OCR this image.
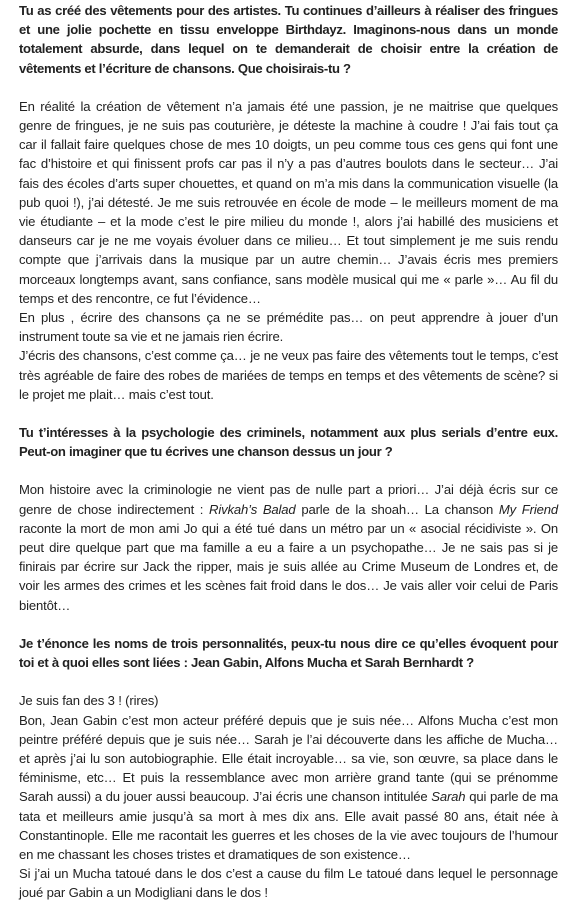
Tu as créé des vêtements pour des artistes. Tu continues d’ailleurs à réaliser des fringues et une jolie pochette en tissu enveloppe Birthdayz. Imaginons-nous dans un monde totalement absurde, dans lequel on te demanderait de choisir entre la création de vêtements et l’écriture de chansons. Que choisirais-tu ?

En réalité la création de vêtement n’a jamais été une passion, je ne maitrise que quelques genre de fringues, je ne suis pas couturière, je déteste la machine à coudre ! J’ai fais tout ça car il fallait faire quelques chose de mes 10 doigts, un peu comme tous ces gens qui font une fac d’histoire et qui finissent profs car pas il n’y a pas d’autres boulots dans le secteur… J’ai fais des écoles d’arts super chouettes, et quand on m’a mis dans la communication visuelle (la pub quoi !), j’ai détesté. Je me suis retrouvée en école de mode – le meilleurs moment de ma vie étudiante – et la mode c’est le pire milieu du monde !, alors j’ai habillé des musiciens et danseurs car je ne me voyais évoluer dans ce milieu… Et tout simplement je me suis rendu compte que j’arrivais dans la musique par un autre chemin… J’avais écris mes premiers morceaux longtemps avant, sans confiance, sans modèle musical qui me « parle »… Au fil du temps et des rencontre, ce fut l’évidence…

En plus , écrire des chansons ça ne se prémédite pas… on peut apprendre à jouer d’un instrument toute sa vie et ne jamais rien écrire.

J’écris des chansons, c’est comme ça… je ne veux pas faire des vêtements tout le temps, c’est très agréable de faire des robes de mariées de temps en temps et des vêtements de scène? si le projet me plait… mais c’est tout.

Tu t’intéresses à la psychologie des criminels, notamment aux plus serials d’entre eux. Peut-on imaginer que tu écrives une chanson dessus un jour ?

Mon histoire avec la criminologie ne vient pas de nulle part a priori… J’ai déjà écris sur ce genre de chose indirectement : Rivkah’s Balad parle de la shoah… La chanson My Friend raconte la mort de mon ami Jo qui a été tué dans un métro par un « asocial récidiviste ». On peut dire quelque part que ma famille a eu a faire a un psychopathe… Je ne sais pas si je finirais par écrire sur Jack the ripper, mais je suis allée au Crime Museum de Londres et, de voir les armes des crimes et les scènes fait froid dans le dos… Je vais aller voir celui de Paris bientôt…

Je t’énonce les noms de trois personnalités, peux-tu nous dire ce qu’elles évoquent pour toi et à quoi elles sont liées : Jean Gabin, Alfons Mucha et Sarah Bernhardt ?

Je suis fan des 3 ! (rires)

Bon, Jean Gabin c’est mon acteur préféré depuis que je suis née… Alfons Mucha c’est mon peintre préféré depuis que je suis née… Sarah je l’ai découverte dans les affiche de Mucha… et après j’ai lu son autobiographie. Elle était incroyable… sa vie, son œuvre, sa place dans le féminisme, etc… Et puis la ressemblance avec mon arrière grand tante (qui se prénomme Sarah aussi) a du jouer aussi beaucoup. J’ai écris une chanson intitulée Sarah qui parle de ma tata et meilleurs amie jusqu’à sa mort à mes dix ans. Elle avait passé 80 ans, était née à Constantinople. Elle me racontait les guerres et les choses de la vie avec toujours de l’humour en me chassant les choses tristes et dramatiques de son existence…

Si j’ai un Mucha tatoué dans le dos c’est a cause du film Le tatoué dans lequel le personnage joué par Gabin a un Modigliani dans le dos !
